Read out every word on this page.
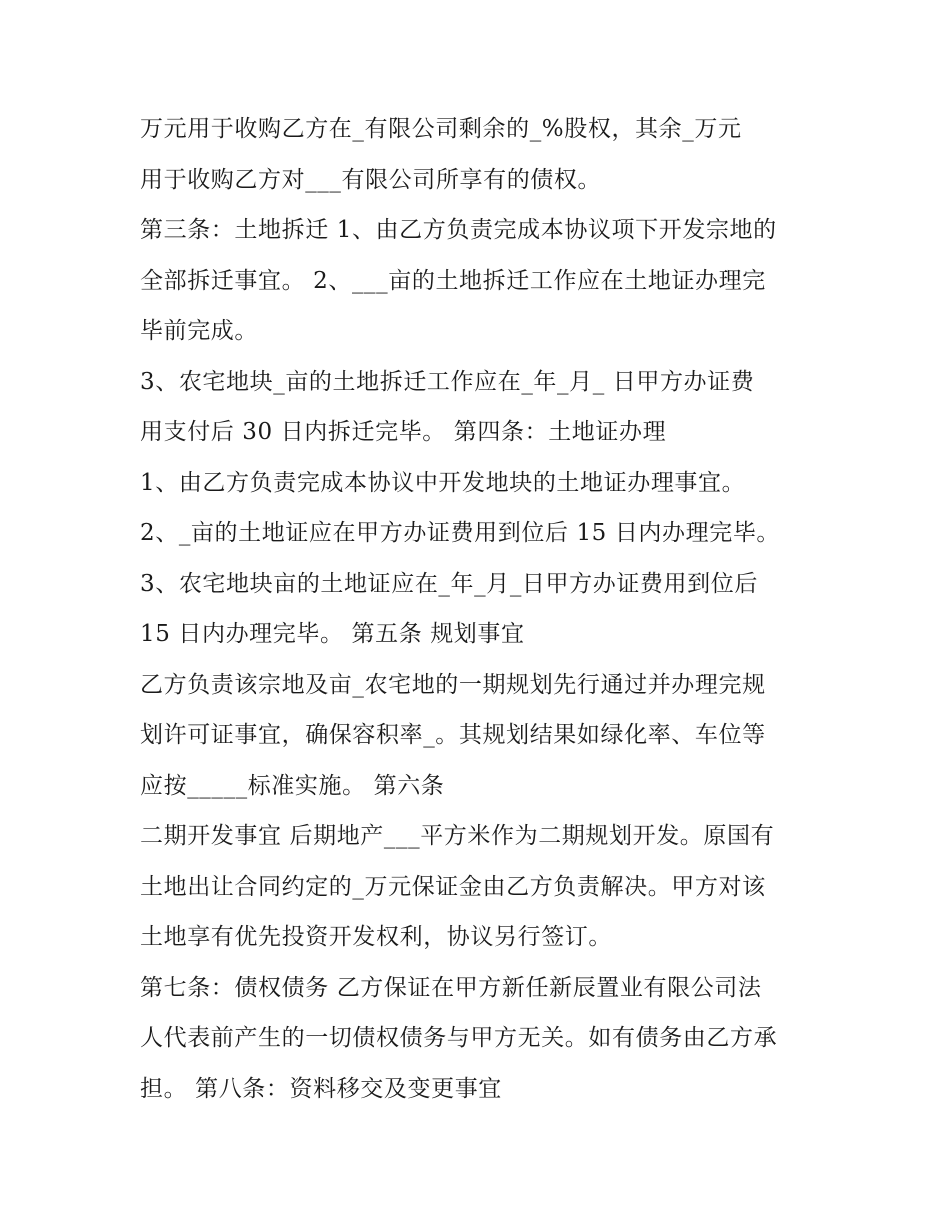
万元用于收购乙方在_有限公司剩余的_%股权，其余_万元
用于收购乙方对___有限公司所享有的债权。
第三条：土地拆迁 1、由乙方负责完成本协议项下开发宗地的
全部拆迁事宜。 2、___亩的土地拆迁工作应在土地证办理完
毕前完成。
3、农宅地块_亩的土地拆迁工作应在_年_月_ 日甲方办证费
用支付后 30 日内拆迁完毕。 第四条：土地证办理
1、由乙方负责完成本协议中开发地块的土地证办理事宜。
2、_亩的土地证应在甲方办证费用到位后 15 日内办理完毕。
3、农宅地块亩的土地证应在_年_月_日甲方办证费用到位后
15 日内办理完毕。 第五条 规划事宜
乙方负责该宗地及亩_农宅地的一期规划先行通过并办理完规
划许可证事宜，确保容积率_。其规划结果如绿化率、车位等
应按_____标准实施。 第六条
二期开发事宜 后期地产___平方米作为二期规划开发。原国有
土地出让合同约定的_万元保证金由乙方负责解决。甲方对该
土地享有优先投资开发权利，协议另行签订。
第七条：债权债务 乙方保证在甲方新任新辰置业有限公司法
人代表前产生的一切债权债务与甲方无关。如有债务由乙方承
担。 第八条：资料移交及变更事宜
